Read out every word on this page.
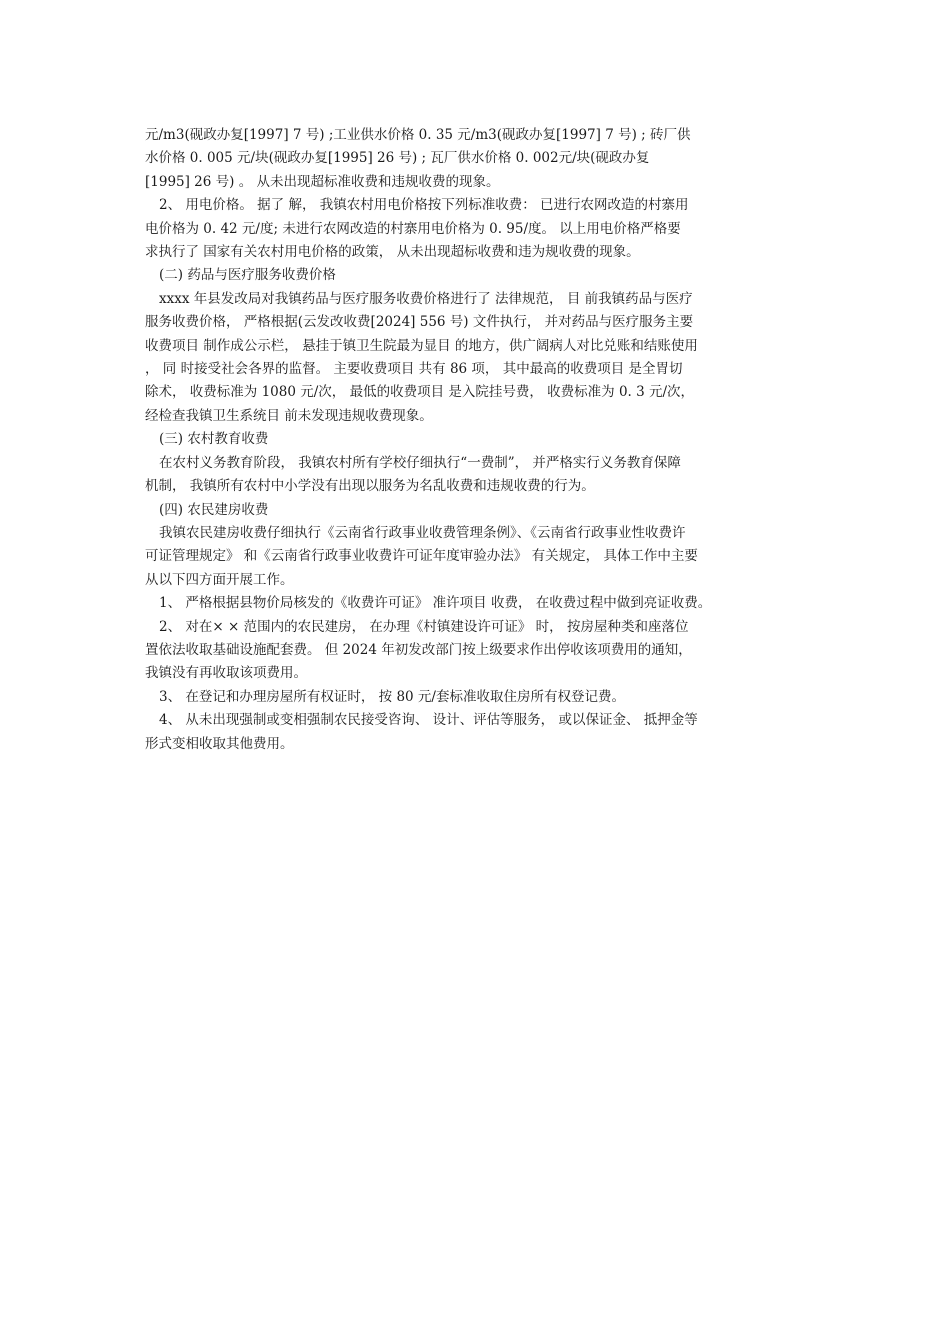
元/m3(砚政办复[1997] 7 号) ;工业供水价格 0. 35 元/m3(砚政办复[1997] 7 号) ; 砖厂供

水价格 0. 005 元/块(砚政办复[1995] 26 号) ; 瓦厂供水价格 0. 002元/块(砚政办复

[1995] 26 号) 。 从未出现超标准收费和违规收费的现象。

2、 用电价格。 据了 解， 我镇农村用电价格按下列标准收费： 已进行农网改造的村寨用

电价格为 0. 42 元/度; 未进行农网改造的村寨用电价格为 0. 95/度。 以上用电价格严格要

求执行了 国家有关农村用电价格的政策， 从未出现超标收费和违为规收费的现象。

(二) 药品与医疗服务收费价格

xxxx 年县发改局对我镇药品与医疗服务收费价格进行了 法律规范， 目 前我镇药品与医疗

服务收费价格， 严格根据(云发改收费[2024] 556 号) 文件执行， 并对药品与医疗服务主要

收费项目 制作成公示栏， 悬挂于镇卫生院最为显目 的地方，供广阔病人对比兑账和结账使用

， 同 时接受社会各界的监督。 主要收费项目 共有 86 项， 其中最高的收费项目 是全胃切

除术， 收费标准为 1080 元/次， 最低的收费项目 是入院挂号费， 收费标准为 0. 3 元/次，

经检查我镇卫生系统目 前未发现违规收费现象。

(三) 农村教育收费

在农村义务教育阶段， 我镇农村所有学校仔细执行“一费制”， 并严格实行义务教育保障

机制， 我镇所有农村中小学没有出现以服务为名乱收费和违规收费的行为。

(四) 农民建房收费

我镇农民建房收费仔细执行《云南省行政事业收费管理条例》、《云南省行政事业性收费许

可证管理规定》 和《云南省行政事业收费许可证年度审验办法》 有关规定， 具体工作中主要

从以下四方面开展工作。

1、 严格根据县物价局核发的《收费许可证》 准许项目 收费， 在收费过程中做到亮证收费。

2、 对在× × 范围内的农民建房， 在办理《村镇建设许可证》 时， 按房屋种类和座落位

置依法收取基础设施配套费。 但 2024 年初发改部门按上级要求作出停收该项费用的通知，

我镇没有再收取该项费用。

3、 在登记和办理房屋所有权证时， 按 80 元/套标准收取住房所有权登记费。

4、 从未出现强制或变相强制农民接受咨询、 设计、评估等服务， 或以保证金、 抵押金等

形式变相收取其他费用。
